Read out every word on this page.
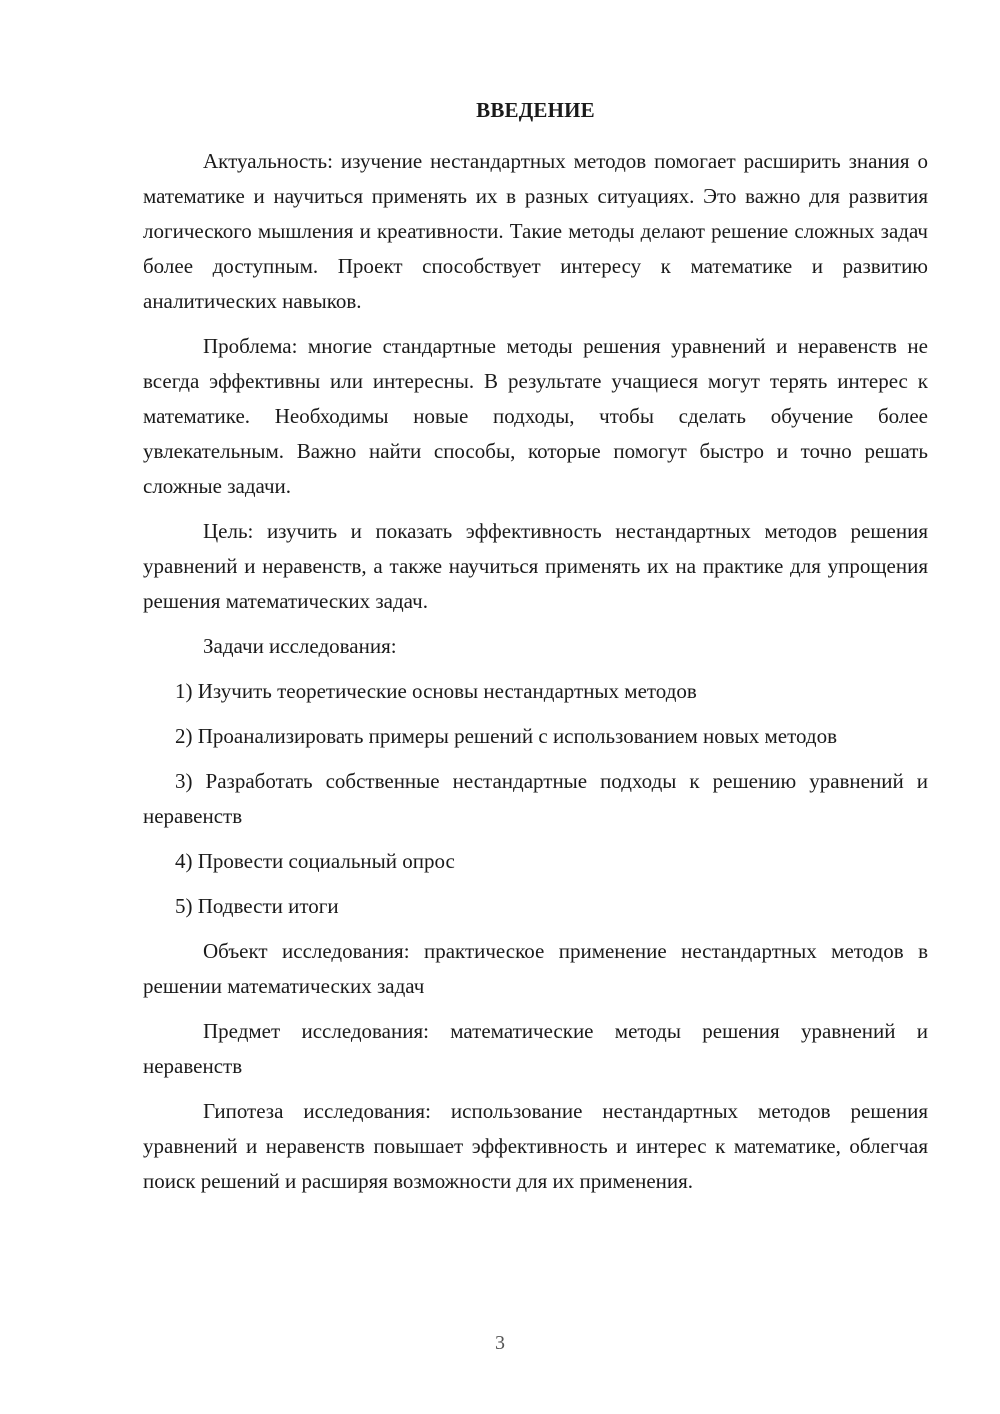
ВВЕДЕНИЕ

Актуальность: изучение нестандартных методов помогает расширить знания о математике и научиться применять их в разных ситуациях. Это важно для развития логического мышления и креативности. Такие методы делают решение сложных задач более доступным. Проект способствует интересу к математике и развитию аналитических навыков.

Проблема: многие стандартные методы решения уравнений и неравенств не всегда эффективны или интересны. В результате учащиеся могут терять интерес к математике. Необходимы новые подходы, чтобы сделать обучение более увлекательным. Важно найти способы, которые помогут быстро и точно решать сложные задачи.

Цель: изучить и показать эффективность нестандартных методов решения уравнений и неравенств, а также научиться применять их на практике для упрощения решения математических задач.

Задачи исследования:

1) Изучить теоретические основы нестандартных методов

2) Проанализировать примеры решений с использованием новых методов

3) Разработать собственные нестандартные подходы к решению уравнений и неравенств

4) Провести социальный опрос

5) Подвести итоги

Объект исследования: практическое применение нестандартных методов в решении математических задач

Предмет исследования: математические методы решения уравнений и неравенств

Гипотеза исследования: использование нестандартных методов решения уравнений и неравенств повышает эффективность и интерес к математике, облегчая поиск решений и расширяя возможности для их применения.

3
